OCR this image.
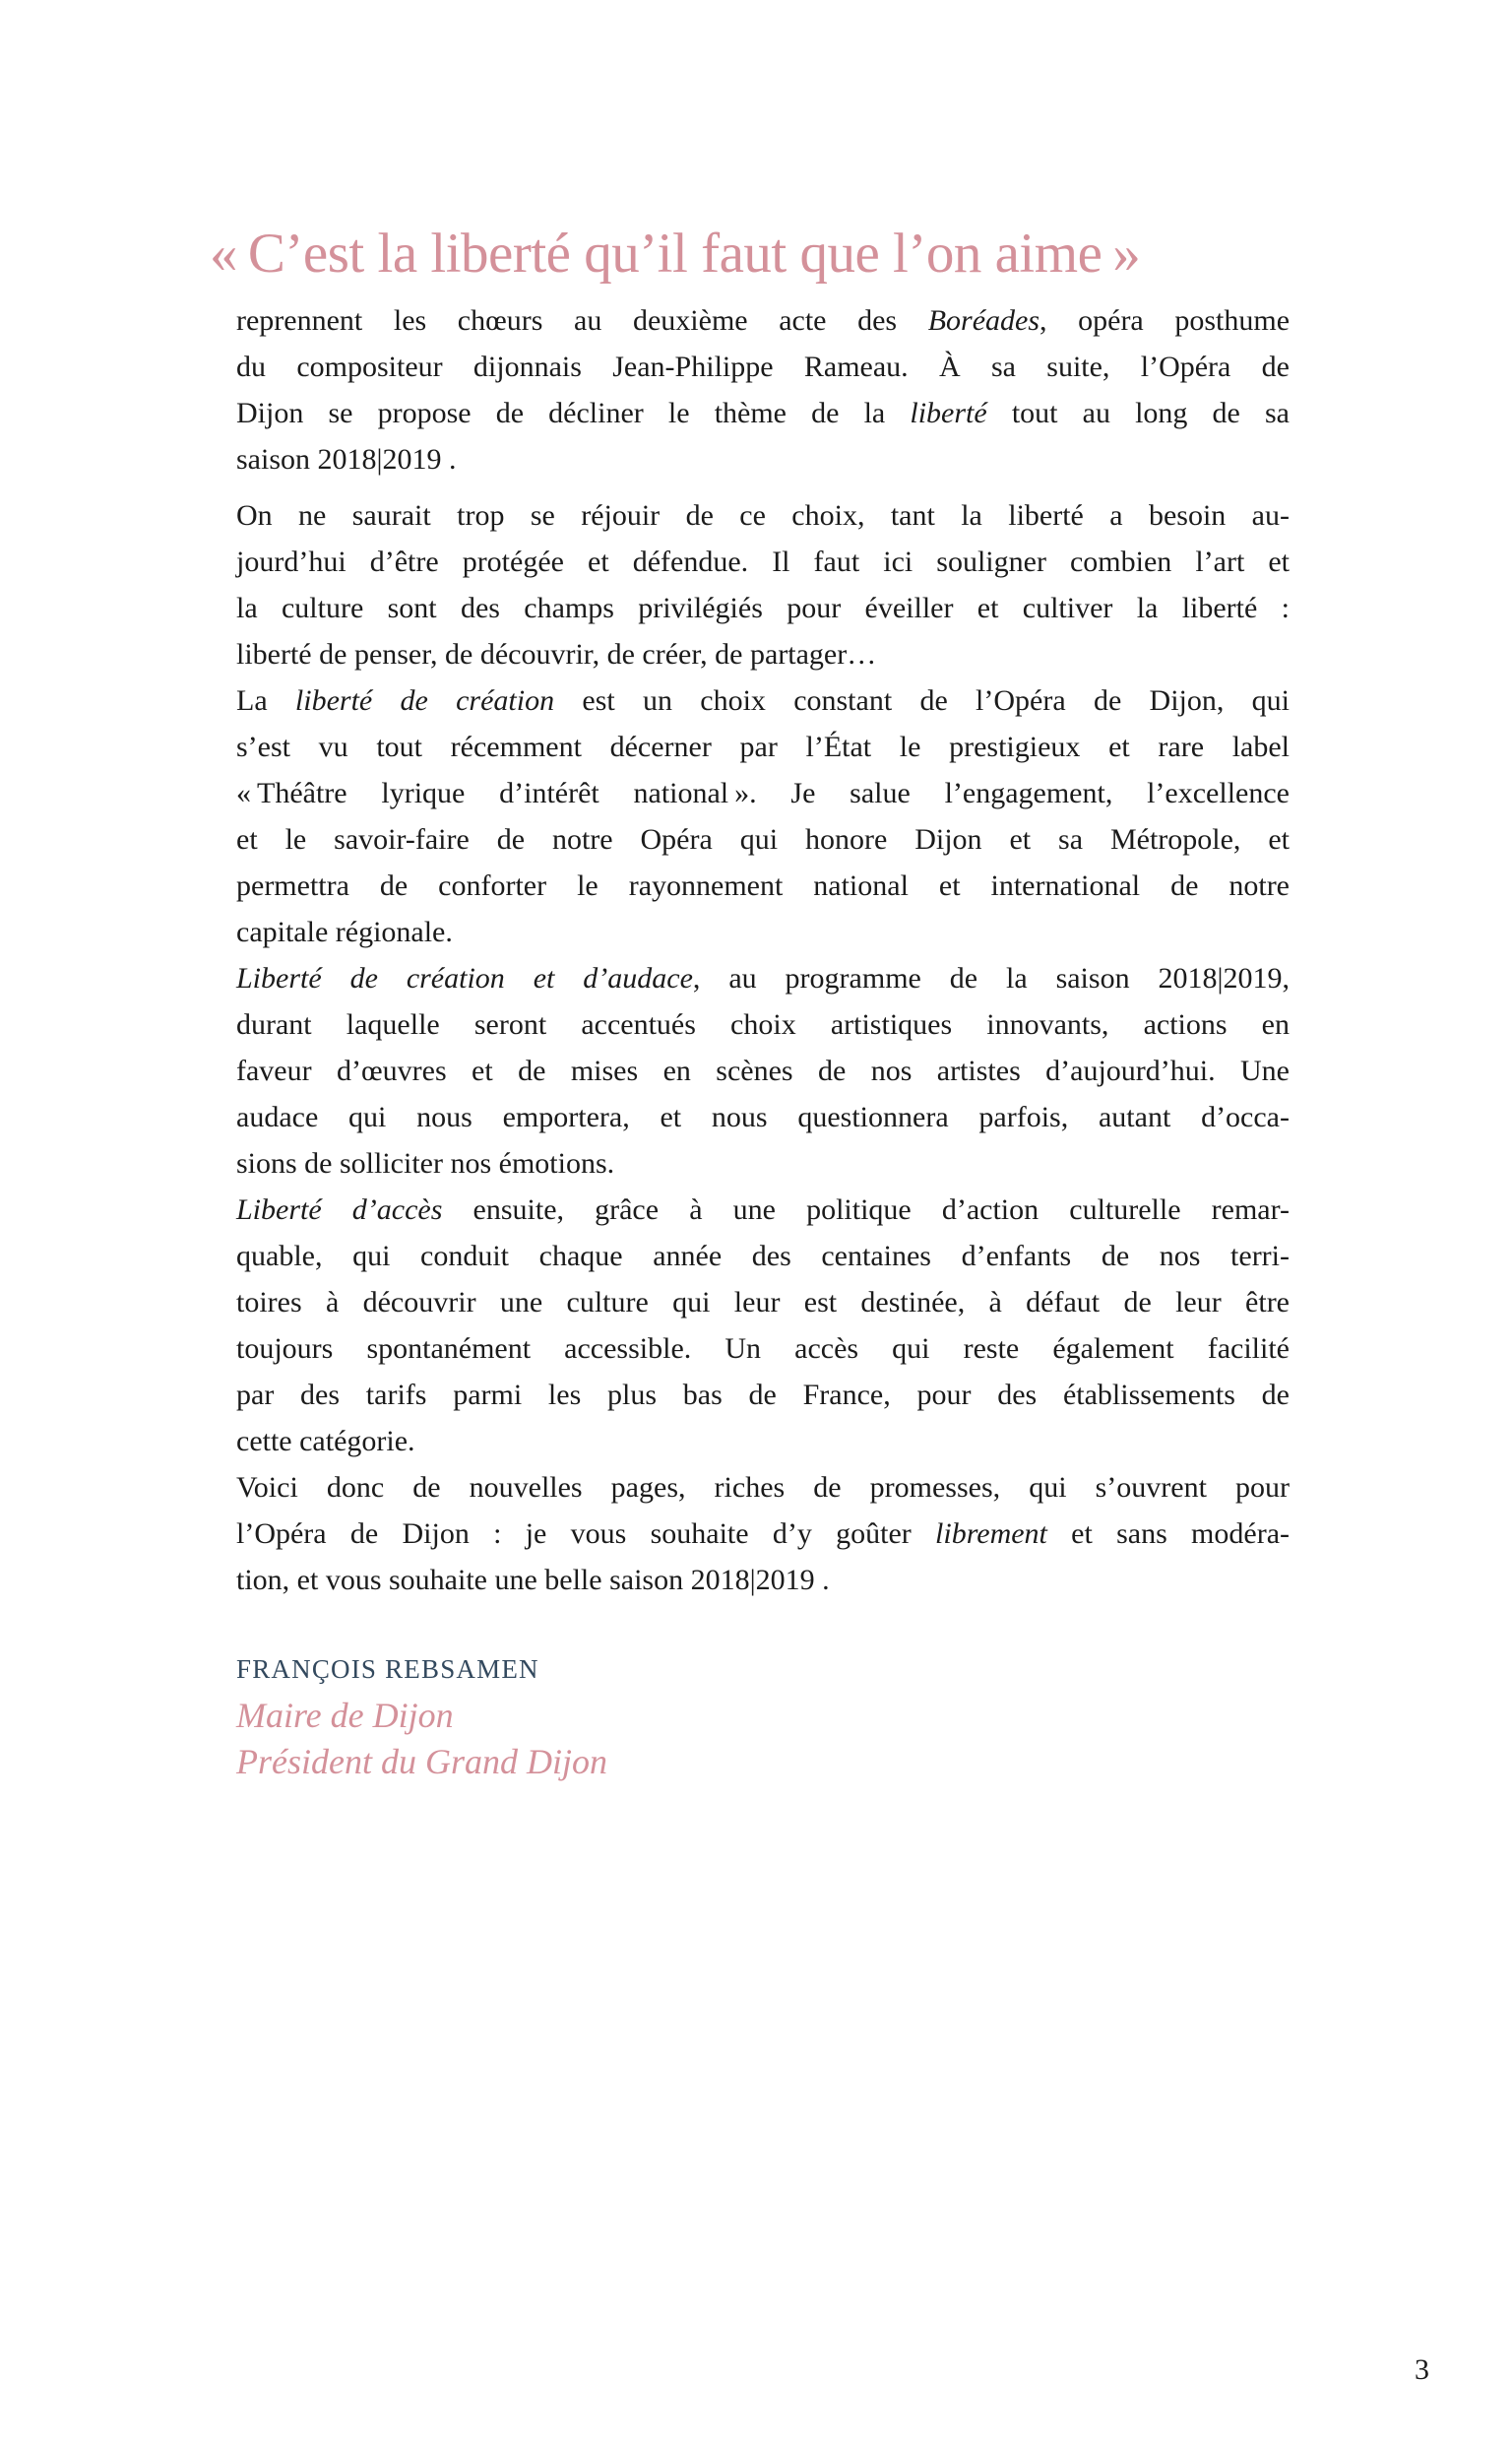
« C’est la liberté qu’il faut que l’on aime »
reprennent les chœurs au deuxième acte des Boréades, opéra posthume
du compositeur dijonnais Jean-Philippe Rameau. À sa suite, l’Opéra de
Dijon se propose de décliner le thème de la liberté tout au long de sa
saison 2018|2019 .
On ne saurait trop se réjouir de ce choix, tant la liberté a besoin au-
jourd’hui d’être protégée et défendue. Il faut ici souligner combien l’art et
la culture sont des champs privilégiés pour éveiller et cultiver la liberté :
liberté de penser, de découvrir, de créer, de partager…
La liberté de création est un choix constant de l’Opéra de Dijon, qui
s’est vu tout récemment décerner par l’État le prestigieux et rare label
« Théâtre lyrique d’intérêt national ». Je salue l’engagement, l’excellence
et le savoir-faire de notre Opéra qui honore Dijon et sa Métropole, et
permettra de conforter le rayonnement national et international de notre
capitale régionale.
Liberté de création et d’audace, au programme de la saison 2018|2019,
durant laquelle seront accentués choix artistiques innovants, actions en
faveur d’œuvres et de mises en scènes de nos artistes d’aujourd’hui. Une
audace qui nous emportera, et nous questionnera parfois, autant d’occa-
sions de solliciter nos émotions.
Liberté d’accès ensuite, grâce à une politique d’action culturelle remar-
quable, qui conduit chaque année des centaines d’enfants de nos terri-
toires à découvrir une culture qui leur est destinée, à défaut de leur être
toujours spontanément accessible. Un accès qui reste également facilité
par des tarifs parmi les plus bas de France, pour des établissements de
cette catégorie.
Voici donc de nouvelles pages, riches de promesses, qui s’ouvrent pour
l’Opéra de Dijon : je vous souhaite d’y goûter librement et sans modéra-
tion, et vous souhaite une belle saison 2018|2019 .
FRANÇOIS REBSAMEN
Maire de Dijon
Président du Grand Dijon
3
